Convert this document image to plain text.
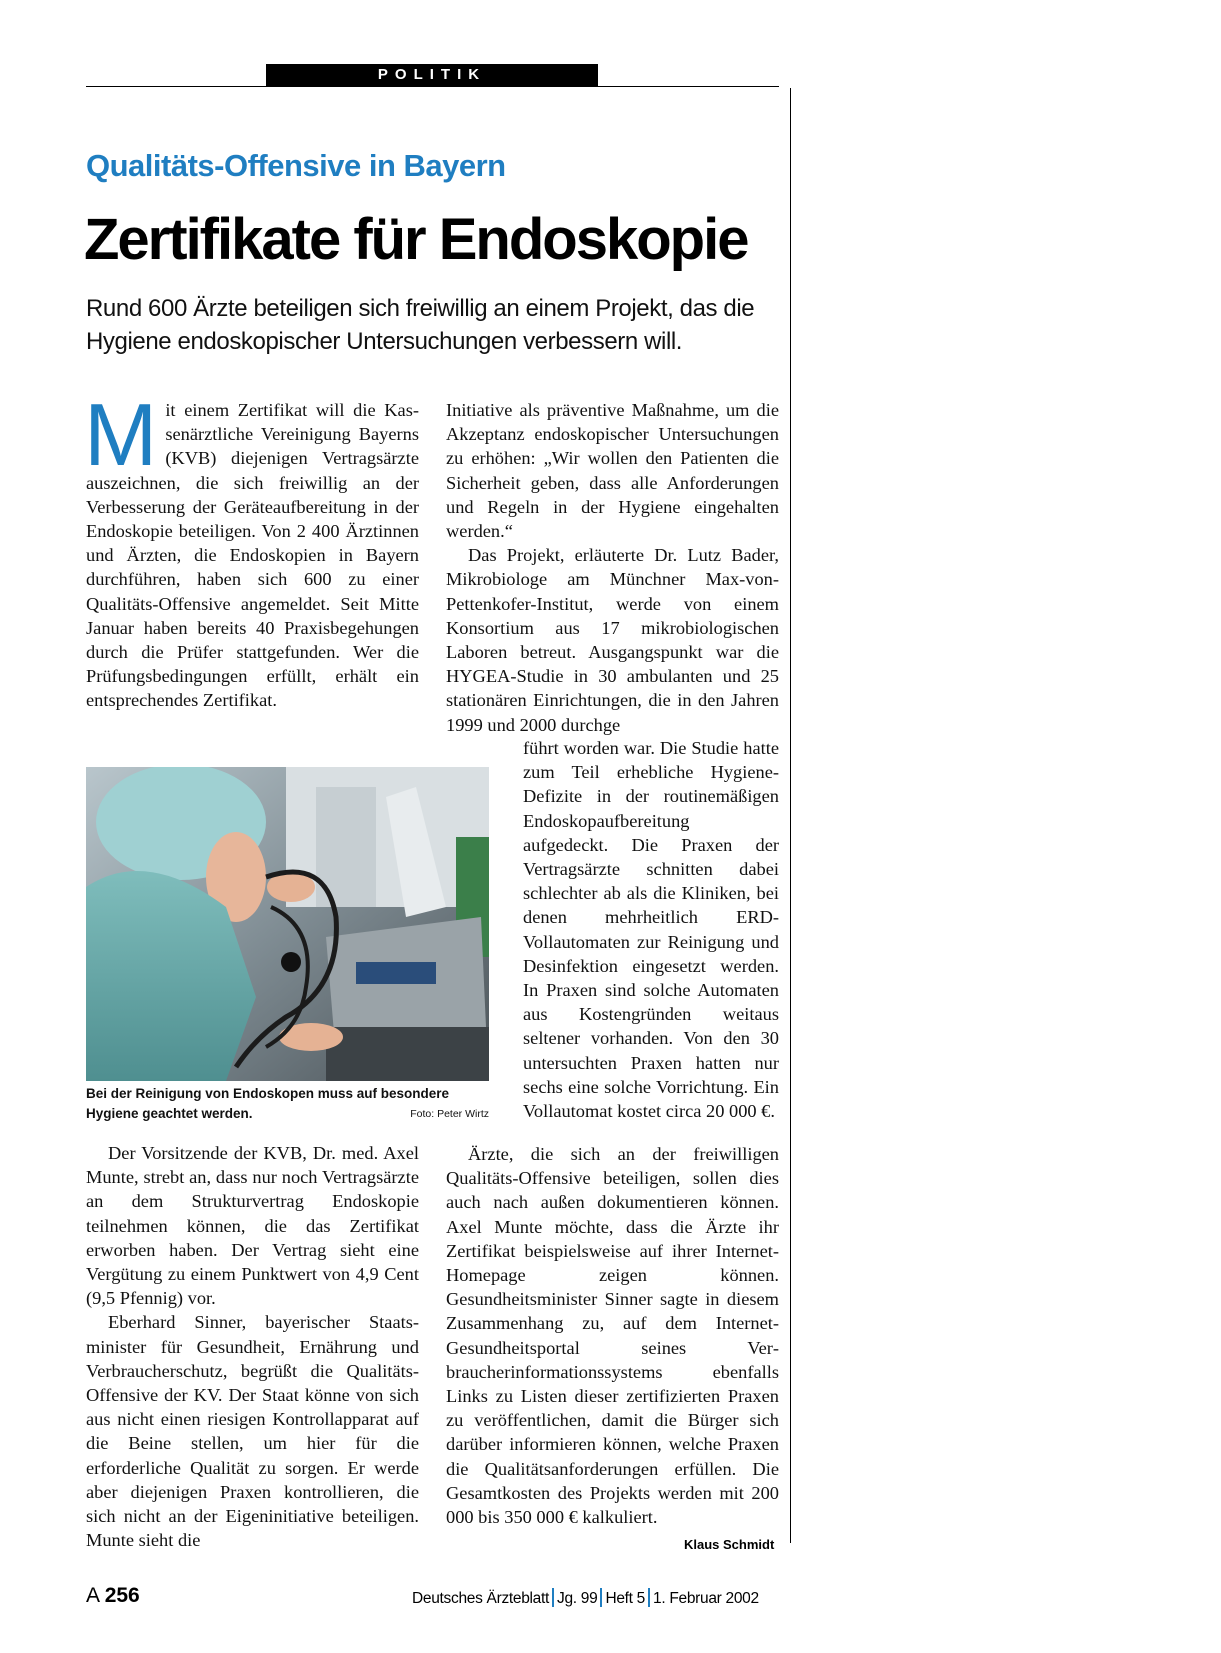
POLITIK
Qualitäts-Offensive in Bayern
Zertifikate für Endoskopie
Rund 600 Ärzte beteiligen sich freiwillig an einem Projekt, das die Hygiene endoskopischer Untersuchungen verbessern will.

Mit einem Zertifikat will die Kassenärztliche Vereinigung Bayerns (KVB) diejenigen Vertragsärzte auszeichnen, die sich freiwillig an der Verbesserung der Geräteaufbereitung in der Endoskopie beteiligen. Von 2 400 Ärztinnen und Ärzten, die Endoskopien in Bayern durchführen, haben sich 600 zu einer Qualitäts-Offensive angemeldet. Seit Mitte Januar haben bereits 40 Praxisbegehungen durch die Prüfer stattgefunden. Wer die Prüfungsbedingungen erfüllt, erhält ein entsprechendes Zertifikat.

Bei der Reinigung von Endoskopen muss auf besondere Hygiene geachtet werden.	Foto: Peter Wirtz

Der Vorsitzende der KVB, Dr. med. Axel Munte, strebt an, dass nur noch Vertragsärzte an dem Strukturvertrag Endoskopie teilnehmen können, die das Zertifikat erworben haben. Der Vertrag sieht eine Vergütung zu einem Punktwert von 4,9 Cent (9,5 Pfennig) vor.

Eberhard Sinner, bayerischer Staatsminister für Gesundheit, Ernährung und Verbraucherschutz, begrüßt die Qualitäts-Offensive der KV. Der Staat könne von sich aus nicht einen riesigen Kontrollapparat auf die Beine stellen, um hier für die erforderliche Qualität zu sorgen. Er werde aber diejenigen Praxen kontrollieren, die sich nicht an der Eigeninitiative beteiligen. Munte sieht die

Initiative als präventive Maßnahme, um die Akzeptanz endoskopischer Untersuchungen zu erhöhen: „Wir wollen den Patienten die Sicherheit geben, dass alle Anforderungen und Regeln in der Hygiene eingehalten werden.“

Das Projekt, erläuterte Dr. Lutz Bader, Mikrobiologe am Münchner Max-von-Pettenkofer-Institut, werde von einem Konsortium aus 17 mikrobiologischen Laboren betreut. Ausgangspunkt war die HYGEA-Studie in 30 ambulanten und 25 stationären Einrichtungen, die in den Jahren 1999 und 2000 durchge

führt worden war. Die Studie hatte zum Teil erhebliche Hygiene-Defizite in der routinemäßigen Endoskopaufbereitung aufgedeckt. Die Praxen der Vertragsärzte schnitten dabei schlechter ab als die Kliniken, bei denen mehrheitlich ERD-Vollautomaten zur Reinigung und Desinfektion eingesetzt werden. In Praxen sind solche Automaten aus Kostengründen weitaus seltener vorhanden. Von den 30 untersuchten Praxen hatten nur sechs eine solche Vorrichtung. Ein Vollautomat kostet circa 20 000 €.

Ärzte, die sich an der freiwilligen Qualitäts-Offensive beteiligen, sollen dies auch nach außen dokumentieren können. Axel Munte möchte, dass die Ärzte ihr Zertifikat beispielsweise auf ihrer Internet-Homepage zeigen können. Gesundheitsminister Sinner sagte in diesem Zusammenhang zu, auf dem Internet-Gesundheitsportal seines Verbraucherinformationssystems ebenfalls Links zu Listen dieser zertifizierten Praxen zu veröffentlichen, damit die Bürger sich darüber informieren können, welche Praxen die Qualitätsanforderungen erfüllen. Die Gesamtkosten des Projekts werden mit 200 000 bis 350 000 € kalkuliert.

Klaus Schmidt
A 256	Deutsches Ärzteblatt Jg. 99 Heft 5 1. Februar 2002
